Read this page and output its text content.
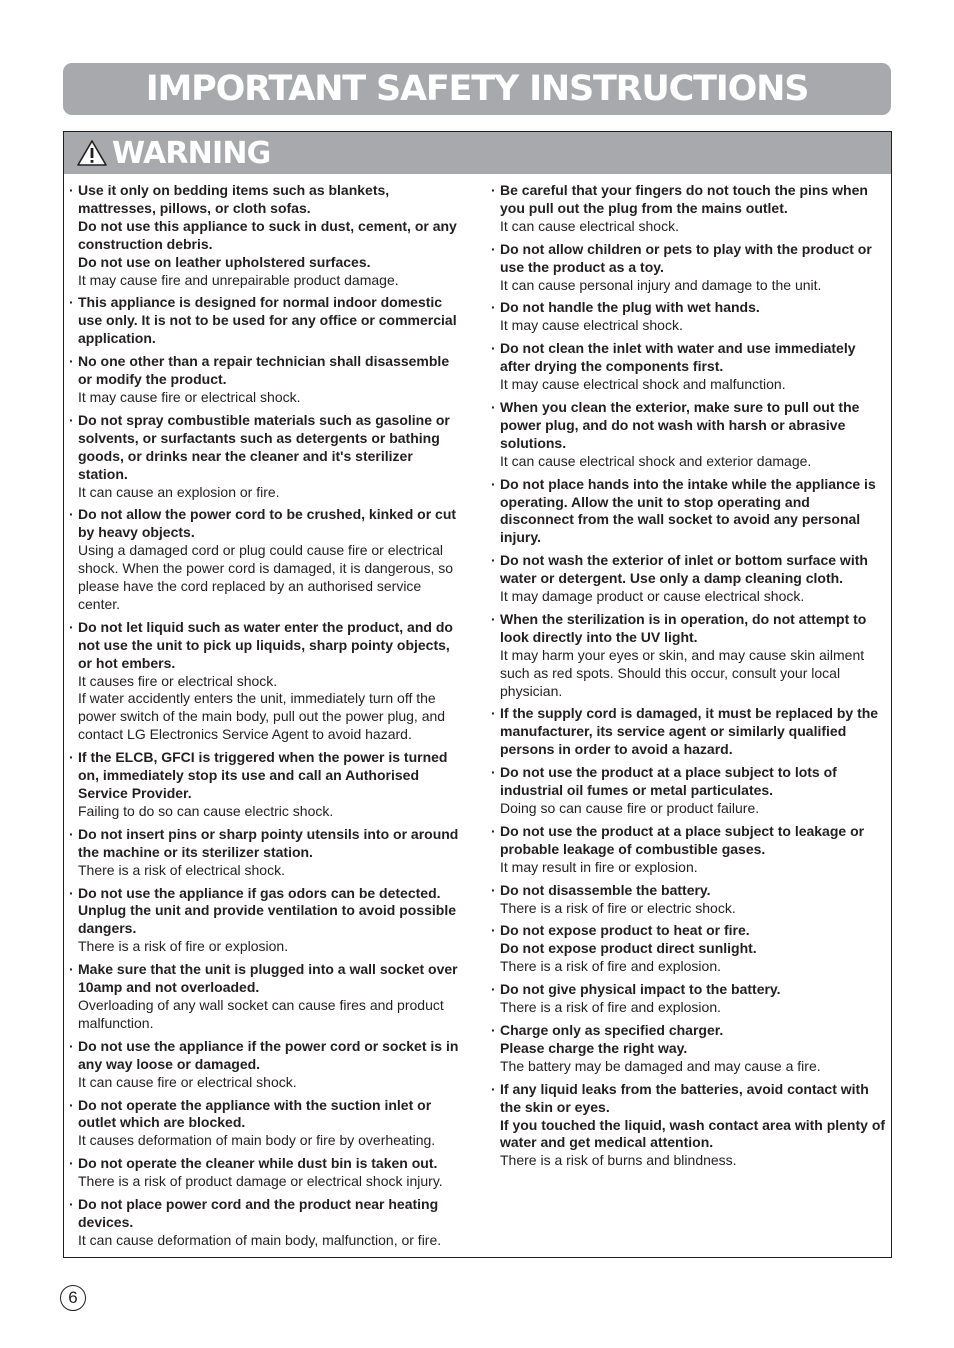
IMPORTANT SAFETY INSTRUCTIONS
WARNING
· Use it only on bedding items such as blankets, mattresses, pillows, or cloth sofas.
Do not use this appliance to suck in dust, cement, or any construction debris.
Do not use on leather upholstered surfaces.
It may cause fire and unrepairable product damage.
· This appliance is designed for normal indoor domestic use only. It is not to be used for any office or commercial application.
· No one other than a repair technician shall disassemble or modify the product.
It may cause fire or electrical shock.
· Do not spray combustible materials such as gasoline or solvents, or surfactants such as detergents or bathing goods, or drinks near the cleaner and it's sterilizer station.
It can cause an explosion or fire.
· Do not allow the power cord to be crushed, kinked or cut by heavy objects.
Using a damaged cord or plug could cause fire or electrical shock. When the power cord is damaged, it is dangerous, so please have the cord replaced by an authorised service center.
· Do not let liquid such as water enter the product, and do not use the unit to pick up liquids, sharp pointy objects, or hot embers.
It causes fire or electrical shock.
If water accidently enters the unit, immediately turn off the power switch of the main body, pull out the power plug, and contact LG Electronics Service Agent to avoid hazard.
· If the ELCB, GFCI is triggered when the power is turned on, immediately stop its use and call an Authorised Service Provider.
Failing to do so can cause electric shock.
· Do not insert pins or sharp pointy utensils into or around the machine or its sterilizer station.
There is a risk of electrical shock.
· Do not use the appliance if gas odors can be detected. Unplug the unit and provide ventilation to avoid possible dangers.
There is a risk of fire or explosion.
· Make sure that the unit is plugged into a wall socket over 10amp and not overloaded.
Overloading of any wall socket can cause fires and product malfunction.
· Do not use the appliance if the power cord or socket is in any way loose or damaged.
It can cause fire or electrical shock.
· Do not operate the appliance with the suction inlet or outlet which are blocked.
It causes deformation of main body or fire by overheating.
· Do not operate the cleaner while dust bin is taken out.
There is a risk of product damage or electrical shock injury.
· Do not place power cord and the product near heating devices.
It can cause deformation of main body, malfunction, or fire.
· Be careful that your fingers do not touch the pins when you pull out the plug from the mains outlet.
It can cause electrical shock.
· Do not allow children or pets to play with the product or use the product as a toy.
It can cause personal injury and damage to the unit.
· Do not handle the plug with wet hands.
It may cause electrical shock.
· Do not clean the inlet with water and use immediately after drying the components first.
It may cause electrical shock and malfunction.
· When you clean the exterior, make sure to pull out the power plug, and do not wash with harsh or abrasive solutions.
It can cause electrical shock and exterior damage.
· Do not place hands into the intake while the appliance is operating. Allow the unit to stop operating and disconnect from the wall socket to avoid any personal injury.
· Do not wash the exterior of inlet or bottom surface with water or detergent. Use only a damp cleaning cloth.
It may damage product or cause electrical shock.
· When the sterilization is in operation, do not attempt to look directly into the UV light.
It may harm your eyes or skin, and may cause skin ailment such as red spots. Should this occur, consult your local physician.
· If the supply cord is damaged, it must be replaced by the manufacturer, its service agent or similarly qualified persons in order to avoid a hazard.
· Do not use the product at a place subject to lots of industrial oil fumes or metal particulates.
Doing so can cause fire or product failure.
· Do not use the product at a place subject to leakage or probable leakage of combustible gases.
It may result in fire or explosion.
· Do not disassemble the battery.
There is a risk of fire or electric shock.
· Do not expose product to heat or fire.
Do not expose product direct sunlight.
There is a risk of fire and explosion.
· Do not give physical impact to the battery.
There is a risk of fire and explosion.
· Charge only as specified charger.
Please charge the right way.
The battery may be damaged and may cause a fire.
· If any liquid leaks from the batteries, avoid contact with the skin or eyes.
If you touched the liquid, wash contact area with plenty of water and get medical attention.
There is a risk of burns and blindness.
6
